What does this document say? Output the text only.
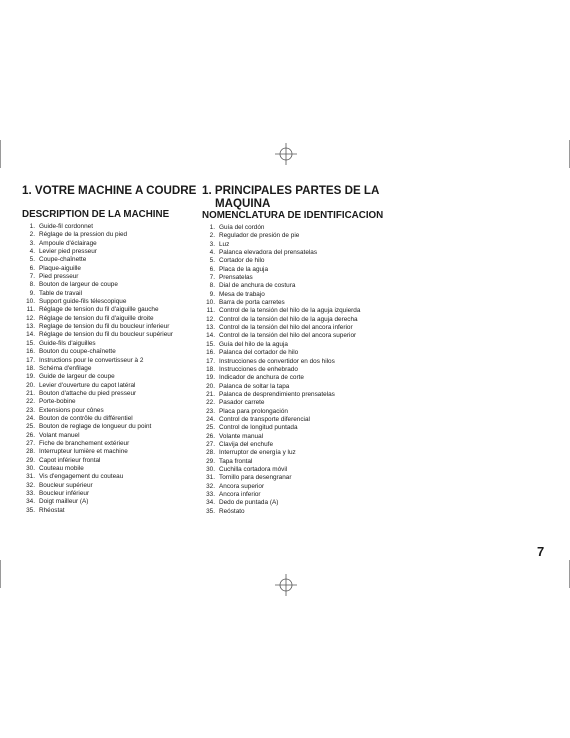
1. VOTRE MACHINE A COUDRE
DESCRIPTION DE LA MACHINE
1. Guide-fil cordonnet
2. Réglage de la pression du pied
3. Ampoule d'éclairage
4. Levier pied presseur
5. Coupe-chaînette
6. Plaque-aiguille
7. Pied presseur
8. Bouton de largeur de coupe
9. Table de travail
10. Support guide-fils télescopique
11. Réglage de tension du fil d'aiguille gauche
12. Réglage de tension du fil d'aiguille droite
13. Reglage de tension du fil du boucleur inferieur
14. Réglage de tension du fil du boucleur supérieur
15. Guide-fils d'aiguilles
16. Bouton du coupe-chaînette
17. Instructions pour le convertisseur à 2
18. Schéma d'enfilage
19. Guide de largeur de coupe
20. Levier d'ouverture du capot latéral
21. Bouton d'attache du pied presseur
22. Porte-bobine
23. Extensions pour cônes
24. Bouton de contrôle du différentiel
25. Bouton de reglage de longueur du point
26. Volant manuel
27. Fiche de branchement extérieur
28. Interrupteur lumière et machine
29. Capot inférieur frontal
30. Couteau mobile
31. Vis d'engagement du couteau
32. Boucleur supérieur
33. Boucleur inférieur
34. Doigt mailleur (A)
35. Rhéostat
1. PRINCIPALES PARTES DE LA
MAQUINA
NOMENCLATURA DE IDENTIFICACION
1. Guía del cordón
2. Regulador de presión de pie
3. Luz
4. Palanca elevadora del prensatelas
5. Cortador de hilo
6. Placa de la aguja
7. Prensatelas
8. Dial de anchura de costura
9. Mesa de trabajo
10. Barra de porta carretes
11. Control de la tensión del hilo de la aguja izquierda
12. Control de la tensión del hilo de la aguja derecha
13. Control de la tensión del hilo del ancora inferior
14. Control de la tensión del hilo del ancora superior
15. Guía del hilo de la aguja
16. Palanca del cortador de hilo
17. Instrucciones de convertidor en dos hilos
18. Instrucciones de enhebrado
19. Indicador de anchura de corte
20. Palanca de soltar la tapa
21. Palanca de desprendimiento prensatelas
22. Pasador carrete
23. Placa para prolongación
24. Control de transporte diferencial
25. Control de longitud puntada
26. Volante manual
27. Clavija del enchufe
28. Interruptor de energía y luz
29. Tapa frontal
30. Cuchilla cortadora móvil
31. Tornillo para desengranar
32. Ancora superior
33. Ancora inferior
34. Dedo de puntada (A)
35. Reóstato
7
